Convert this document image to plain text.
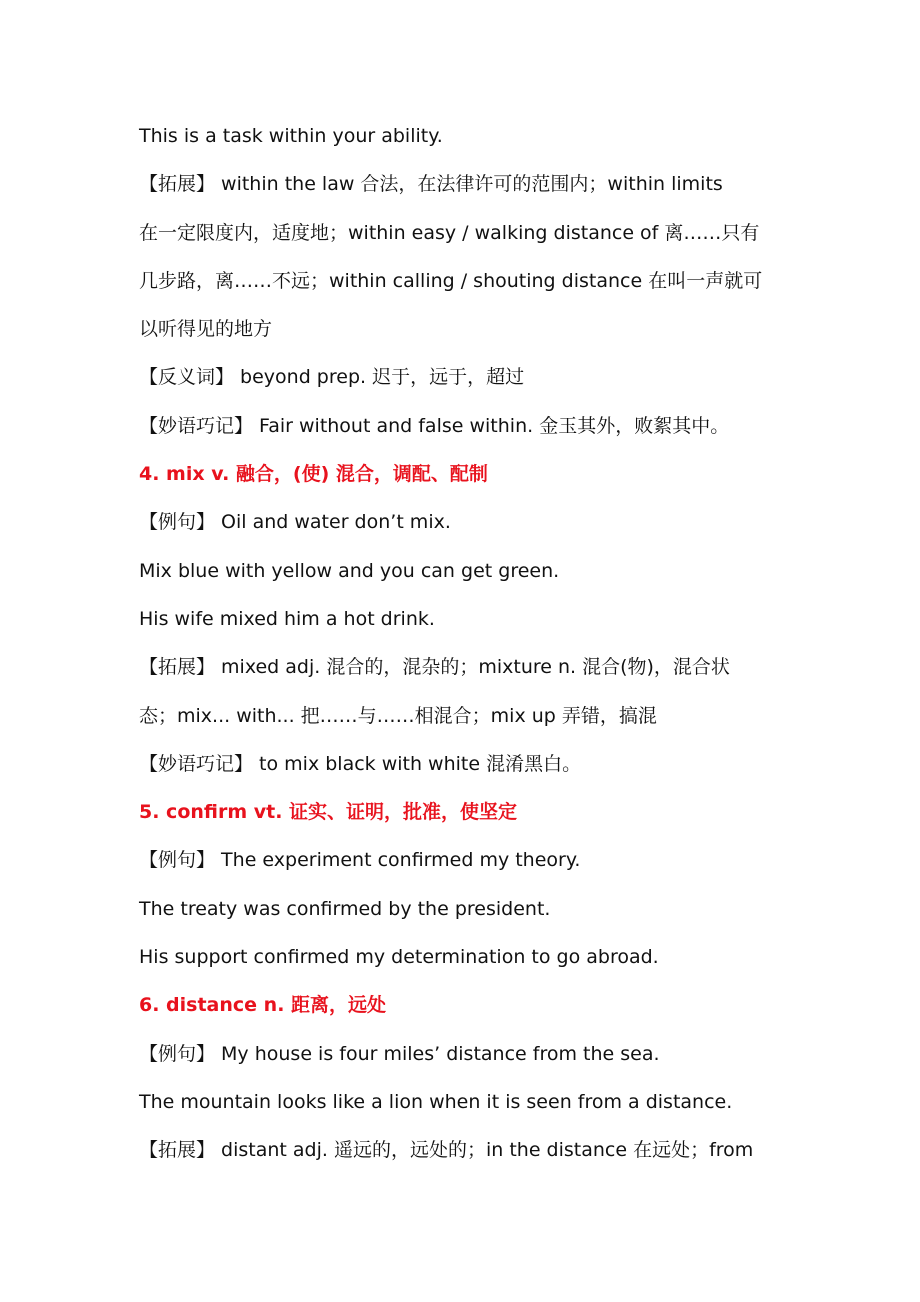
This is a task within your ability.
【拓展】 within the law 合法，在法律许可的范围内；within limits
在一定限度内，适度地；within easy / walking distance of 离……只有
几步路，离……不远；within calling / shouting distance 在叫一声就可
以听得见的地方
【反义词】 beyond prep. 迟于，远于，超过
【妙语巧记】 Fair without and false within. 金玉其外，败絮其中。
4. mix v. 融合，(使) 混合，调配、配制
【例句】 Oil and water don’t mix.
Mix blue with yellow and you can get green.
His wife mixed him a hot drink.
【拓展】 mixed adj. 混合的，混杂的；mixture n. 混合(物)，混合状
态；mix... with... 把……与……相混合；mix up 弄错，搞混
【妙语巧记】 to mix black with white 混淆黑白。
5. confirm vt. 证实、证明，批准，使坚定
【例句】 The experiment confirmed my theory.
The treaty was confirmed by the president.
His support confirmed my determination to go abroad.
6. distance n. 距离，远处
【例句】 My house is four miles’ distance from the sea.
The mountain looks like a lion when it is seen from a distance.
【拓展】 distant adj. 遥远的，远处的；in the distance 在远处；from
